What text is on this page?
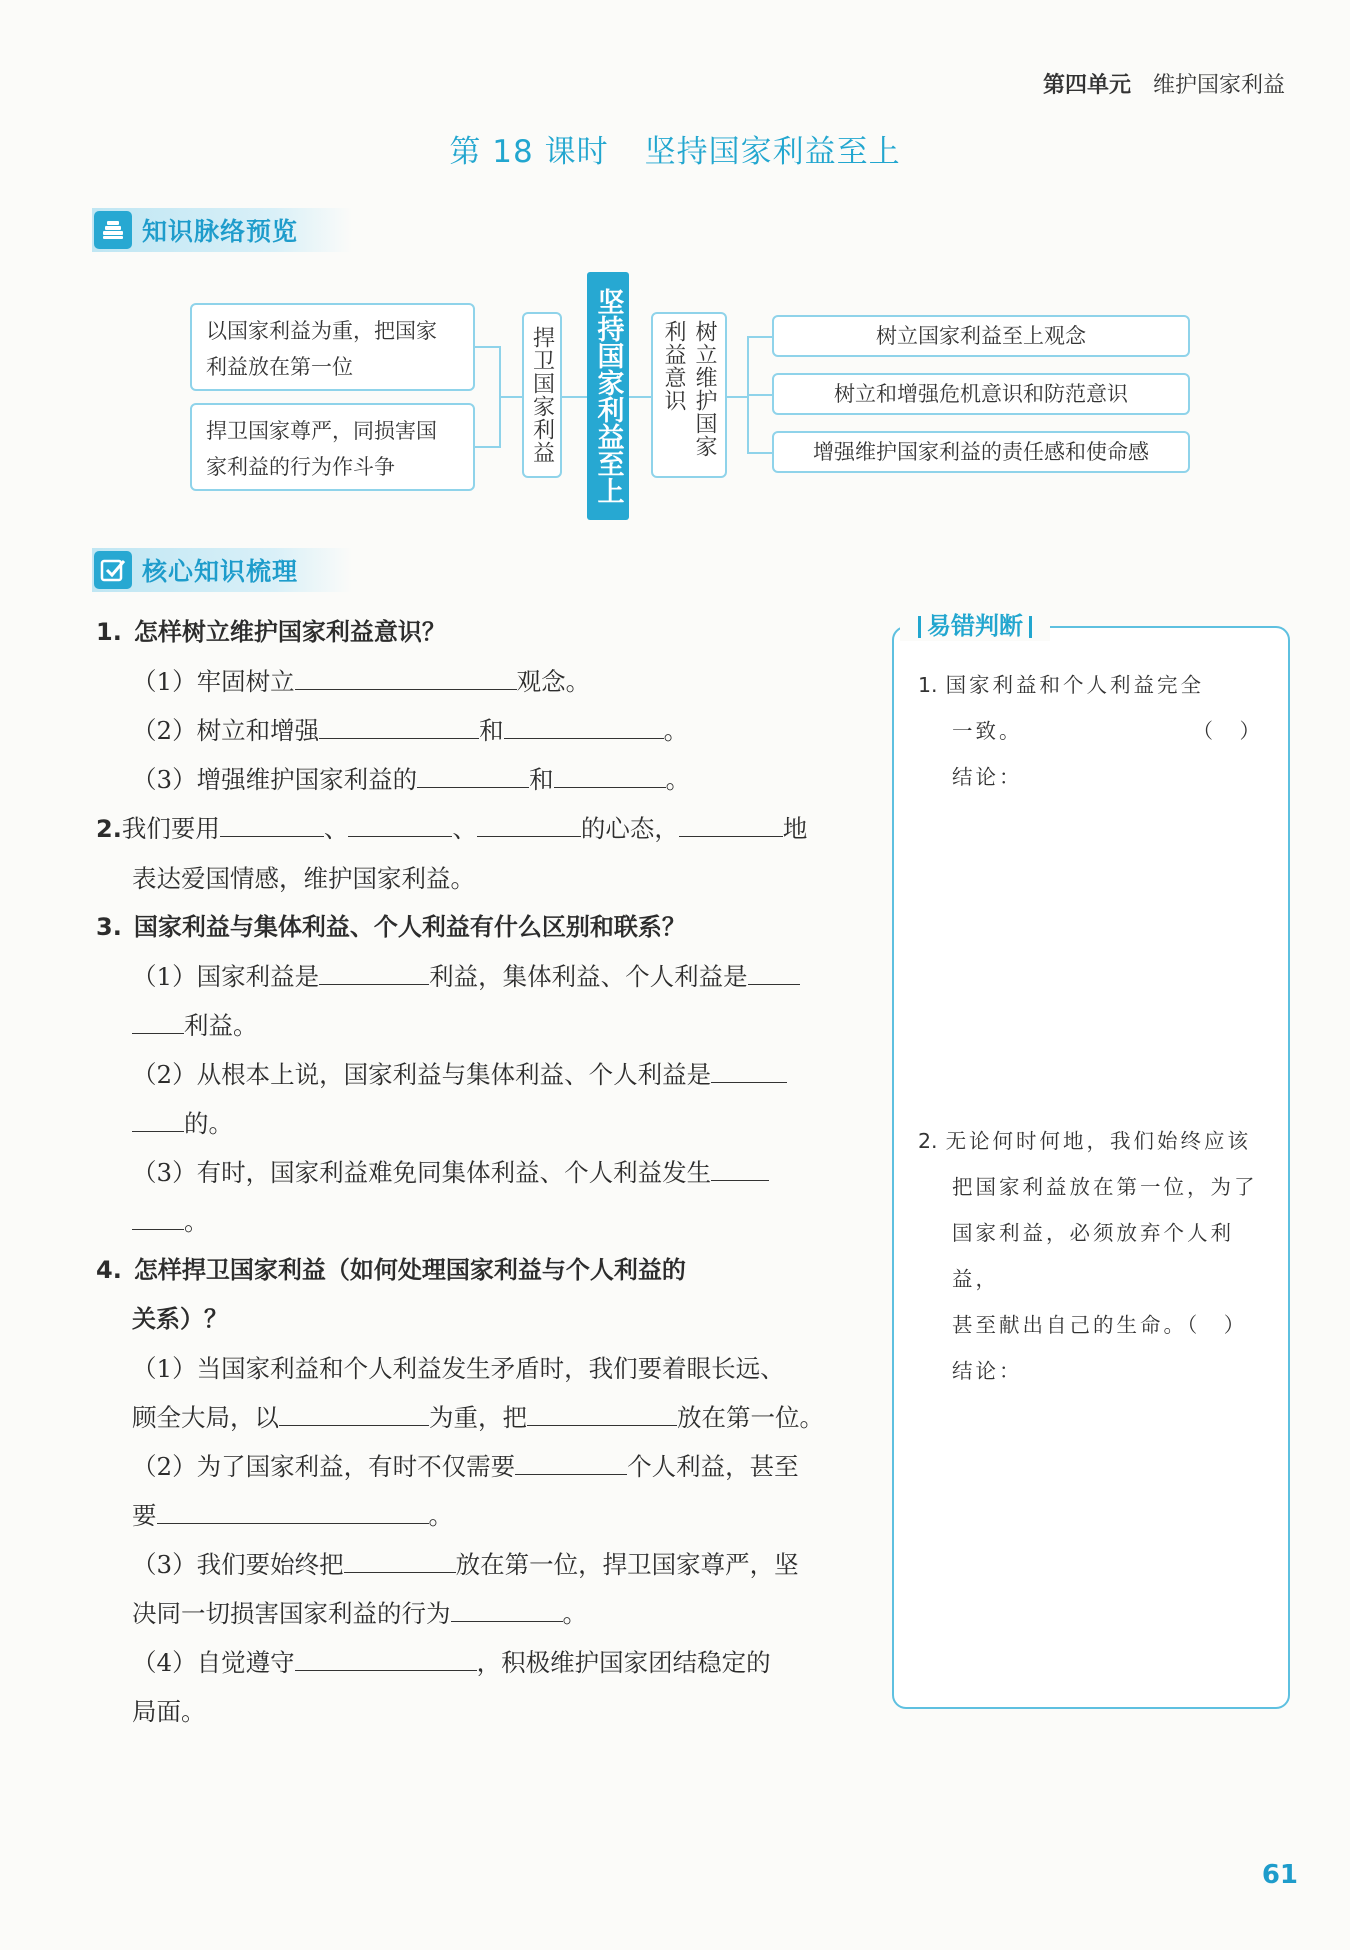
第四单元 维护国家利益
第 18 课时 坚持国家利益至上
知识脉络预览
以国家利益为重，把国家
利益放在第一位
捍卫国家尊严，同损害国
家利益的行为作斗争
捍卫国家利益 坚持国家利益至上	树立维护国家利益意识	树立国家利益至上观念
树立和增强危机意识和防范意识
增强维护国家利益的责任感和使命感
核心知识梳理
1. 怎样树立维护国家利益意识？
（1）牢固树立	观念。
（2）树立和增强	和	。
（3）增强维护国家利益的	和	。
2.我们要用	、	、	的心态，	地
表达爱国情感，维护国家利益。
3. 国家利益与集体利益、个人利益有什么区别和联系？
（1）国家利益是	利益，集体利益、个人利益是
利益。
（2）从根本上说，国家利益与集体利益、个人利益是
的。
（3）有时，国家利益难免同集体利益、个人利益发生
。
4. 怎样捍卫国家利益（如何处理国家利益与个人利益的
关系）？
（1）当国家利益和个人利益发生矛盾时，我们要着眼长远、
顾全大局，以	为重，把	放在第一位。
（2）为了国家利益，有时不仅需要	个人利益，甚至
要	。
（3）我们要始终把	放在第一位，捍卫国家尊严，坚
决同一切损害国家利益的行为	。
（4）自觉遵守	，积极维护国家团结稳定的
局面。
易错判断
1. 国家利益和个人利益完全
一致。	（　）
结论：
2. 无论何时何地，我们始终应该
把国家利益放在第一位，为了
国家利益，必须放弃个人利益，
甚至献出自己的生命。（　）
结论：
61
